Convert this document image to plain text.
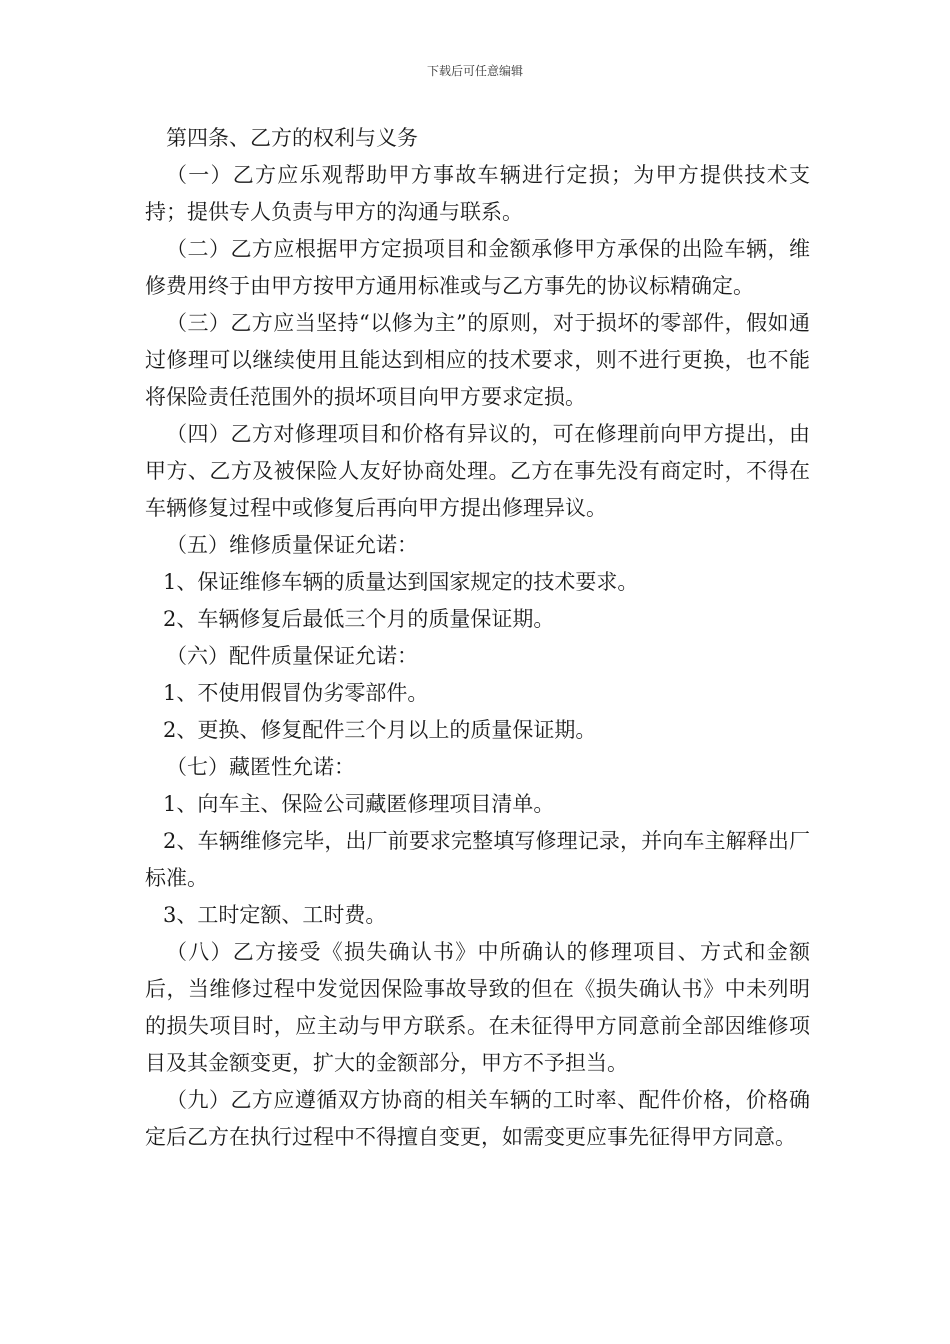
下载后可任意编辑

第四条、乙方的权利与义务

（一）乙方应乐观帮助甲方事故车辆进行定损；为甲方提供技术支持；提供专人负责与甲方的沟通与联系。

（二）乙方应根据甲方定损项目和金额承修甲方承保的出险车辆，维修费用终于由甲方按甲方通用标准或与乙方事先的协议标精确定。

（三）乙方应当坚持“以修为主”的原则，对于损坏的零部件，假如通过修理可以继续使用且能达到相应的技术要求，则不进行更换，也不能将保险责任范围外的损坏项目向甲方要求定损。

（四）乙方对修理项目和价格有异议的，可在修理前向甲方提出，由甲方、乙方及被保险人友好协商处理。乙方在事先没有商定时，不得在车辆修复过程中或修复后再向甲方提出修理异议。

（五）维修质量保证允诺：

1、保证维修车辆的质量达到国家规定的技术要求。

2、车辆修复后最低三个月的质量保证期。

（六）配件质量保证允诺：

1、不使用假冒伪劣零部件。

2、更换、修复配件三个月以上的质量保证期。

（七）藏匿性允诺：

1、向车主、保险公司藏匿修理项目清单。

2、车辆维修完毕，出厂前要求完整填写修理记录，并向车主解释出厂标准。

3、工时定额、工时费。

（八）乙方接受《损失确认书》中所确认的修理项目、方式和金额后，当维修过程中发觉因保险事故导致的但在《损失确认书》中未列明的损失项目时，应主动与甲方联系。在未征得甲方同意前全部因维修项目及其金额变更，扩大的金额部分，甲方不予担当。

（九）乙方应遵循双方协商的相关车辆的工时率、配件价格，价格确定后乙方在执行过程中不得擅自变更，如需变更应事先征得甲方同意。
